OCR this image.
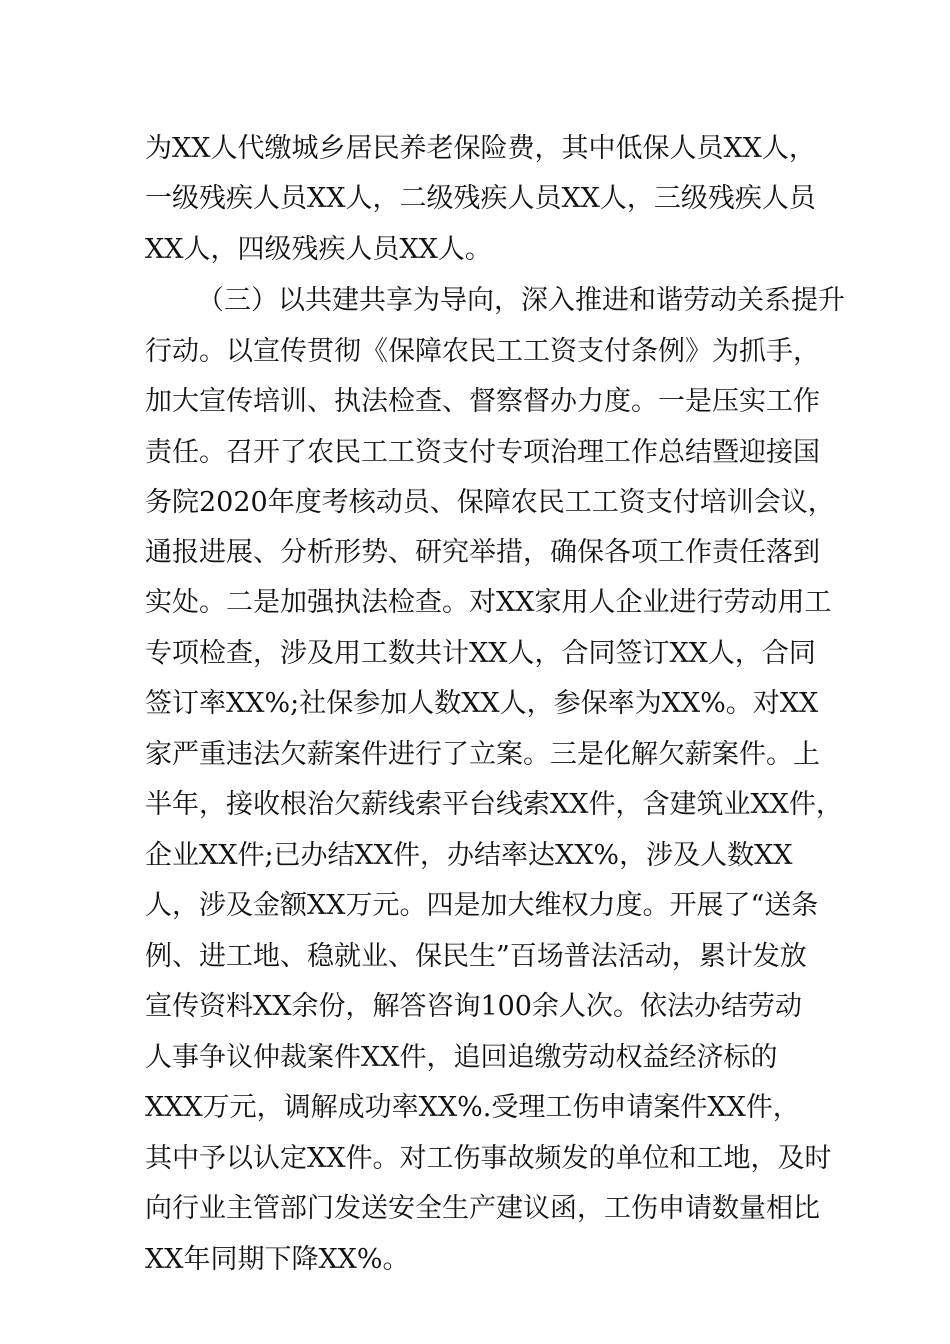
为XX人代缴城乡居民养老保险费，其中低保人员XX人，
一级残疾人员XX人，二级残疾人员XX人，三级残疾人员
XX人，四级残疾人员XX人。
（三）以共建共享为导向，深入推进和谐劳动关系提升
行动。以宣传贯彻《保障农民工工资支付条例》为抓手，
加大宣传培训、执法检查、督察督办力度。一是压实工作
责任。召开了农民工工资支付专项治理工作总结暨迎接国
务院2020年度考核动员、保障农民工工资支付培训会议，
通报进展、分析形势、研究举措，确保各项工作责任落到
实处。二是加强执法检查。对XX家用人企业进行劳动用工
专项检查，涉及用工数共计XX人，合同签订XX人，合同
签订率XX%;社保参加人数XX人，参保率为XX%。对XX
家严重违法欠薪案件进行了立案。三是化解欠薪案件。上
半年，接收根治欠薪线索平台线索XX件，含建筑业XX件，
企业XX件;已办结XX件，办结率达XX%，涉及人数XX
人，涉及金额XX万元。四是加大维权力度。开展了“送条
例、进工地、稳就业、保民生”百场普法活动，累计发放
宣传资料XX余份，解答咨询100余人次。依法办结劳动
人事争议仲裁案件XX件，追回追缴劳动权益经济标的
XXX万元，调解成功率XX%.受理工伤申请案件XX件，
其中予以认定XX件。对工伤事故频发的单位和工地，及时
向行业主管部门发送安全生产建议函，工伤申请数量相比
XX年同期下降XX%。
